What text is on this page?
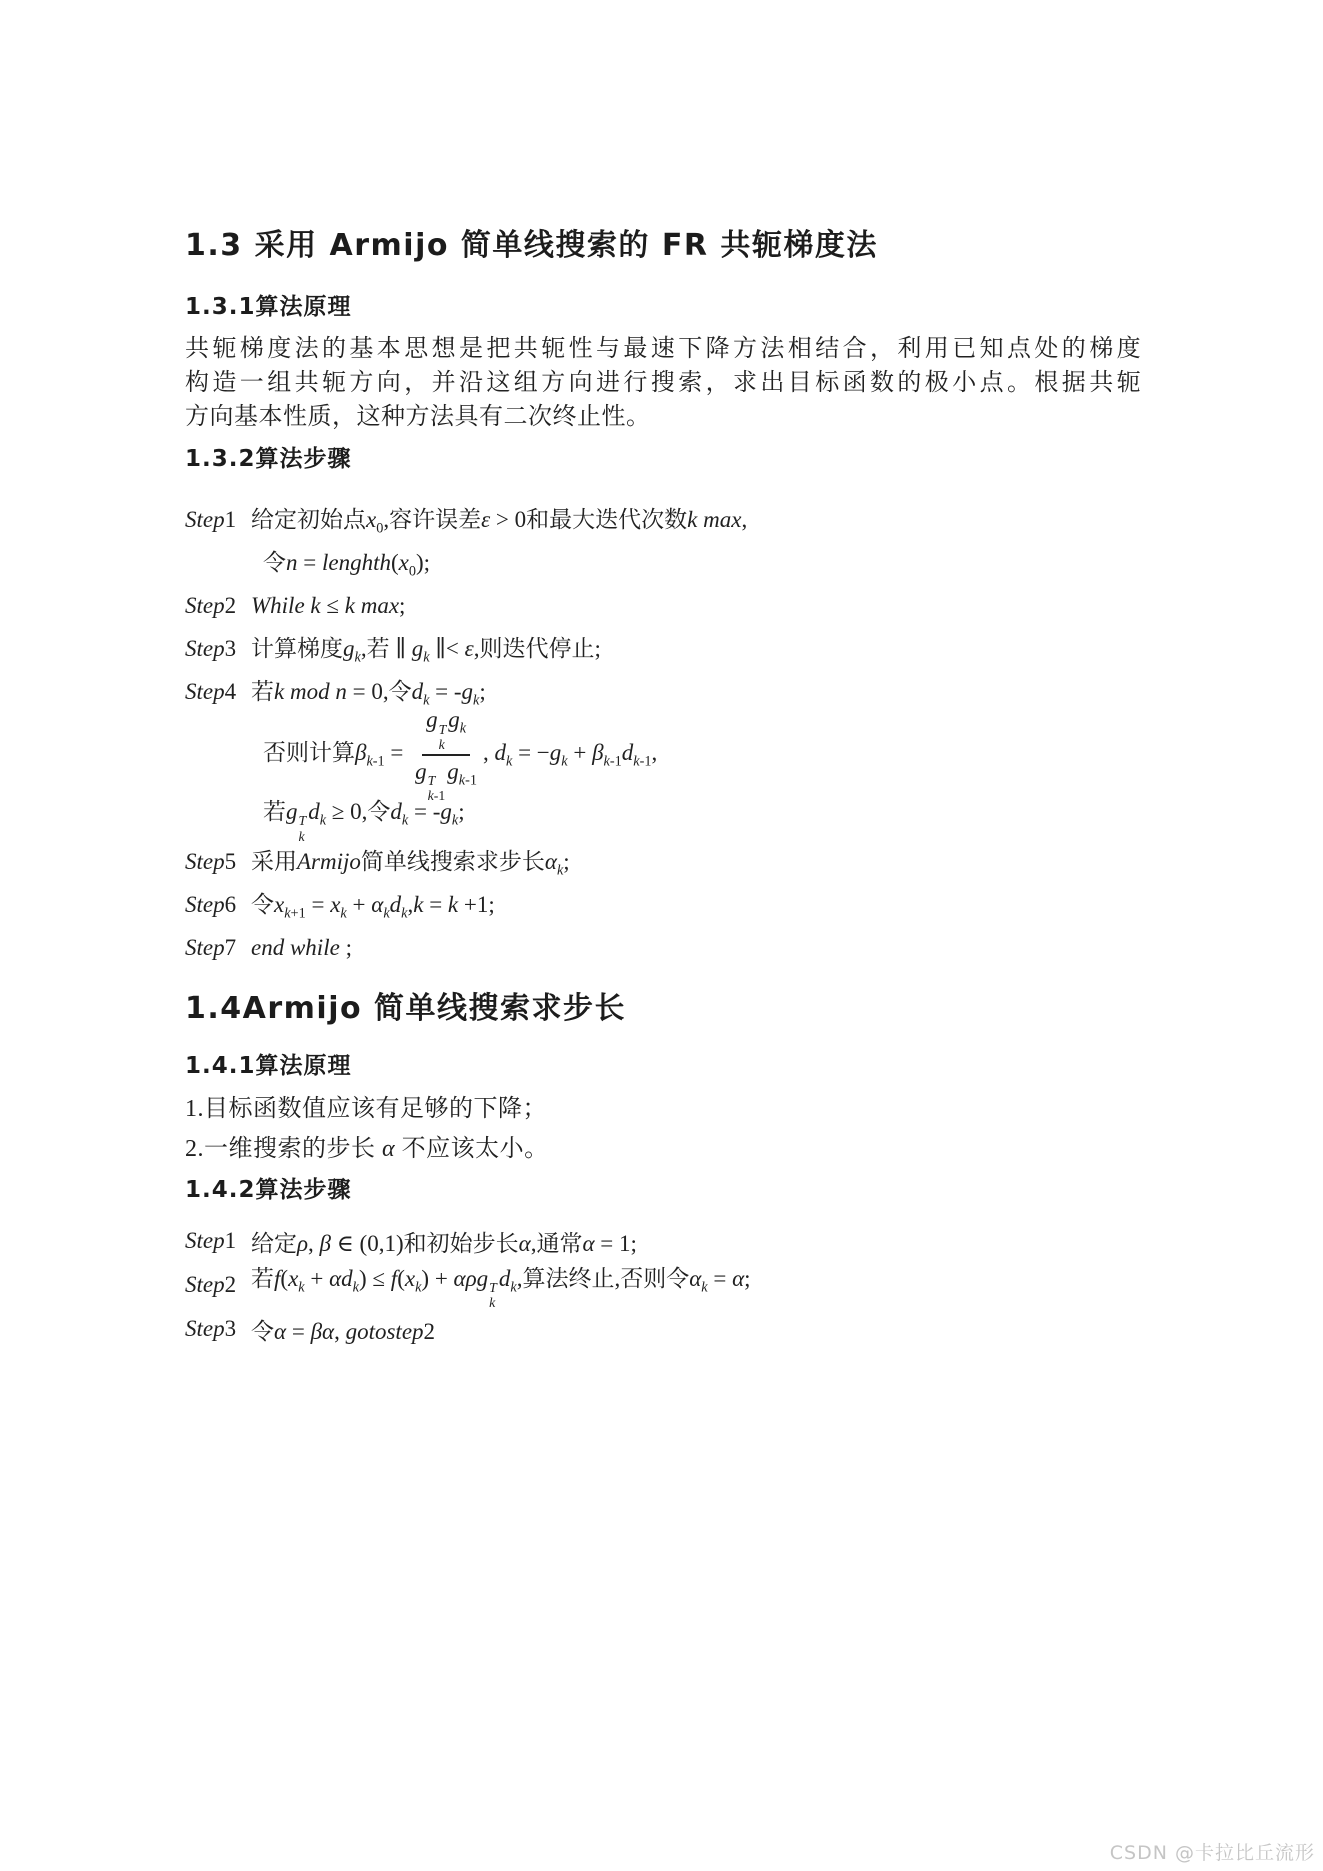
1.3 采用 Armijo 简单线搜索的 FR 共轭梯度法
1.3.1算法原理
共轭梯度法的基本思想是把共轭性与最速下降方法相结合，利用已知点处的梯度
构造一组共轭方向，并沿这组方向进行搜索，求出目标函数的极小点。根据共轭
方向基本性质，这种方法具有二次终止性。
1.3.2算法步骤
Step1 给定初始点$x_0$,容许误差ε > 0和最大迭代次数k max,
令$n = lenghth(x_0)$;
Step2 While k ≤ k max;
Step3 计算梯度$g_k$,若 ∥ $g_k$ ∥< ε,则迭代停止;
Step4 若k mod n = 0,令$d_k = -g_k$;
否则计算$\beta_{k-1} = g$ T
k
$g_k$
g T
k-1
$g_{k-1}$ , $d_k = -g_k + \beta_{k-1}d_{k-1}$,
若g T
k
$d_k \ge 0$,令$d_k = -g_k$;
Step5 采用Armijo简单线搜索求步长$\alpha_k$;
Step6 令$x_{k+1} = x_k + \alpha_kd_k,k = k +1$;
Step7 end while ;
1.4Armijo 简单线搜索求步长
1.4.1算法原理
1.目标函数值应该有足够的下降；
2.一维搜索的步长 α 不应该太小。
1.4.2算法步骤
Step1 给定ρ, β ∈ (0,1)和初始步长α,通常α = 1;
Step2 若$f(x_k + \alpha d_k) \le f(x_k) + \alpha\rho g$ T
k
$d_k$,算法终止,否则令$\alpha_k = \alpha$;
Step3 令α = βα, gotostep2
CSDN @卡拉比丘流形
